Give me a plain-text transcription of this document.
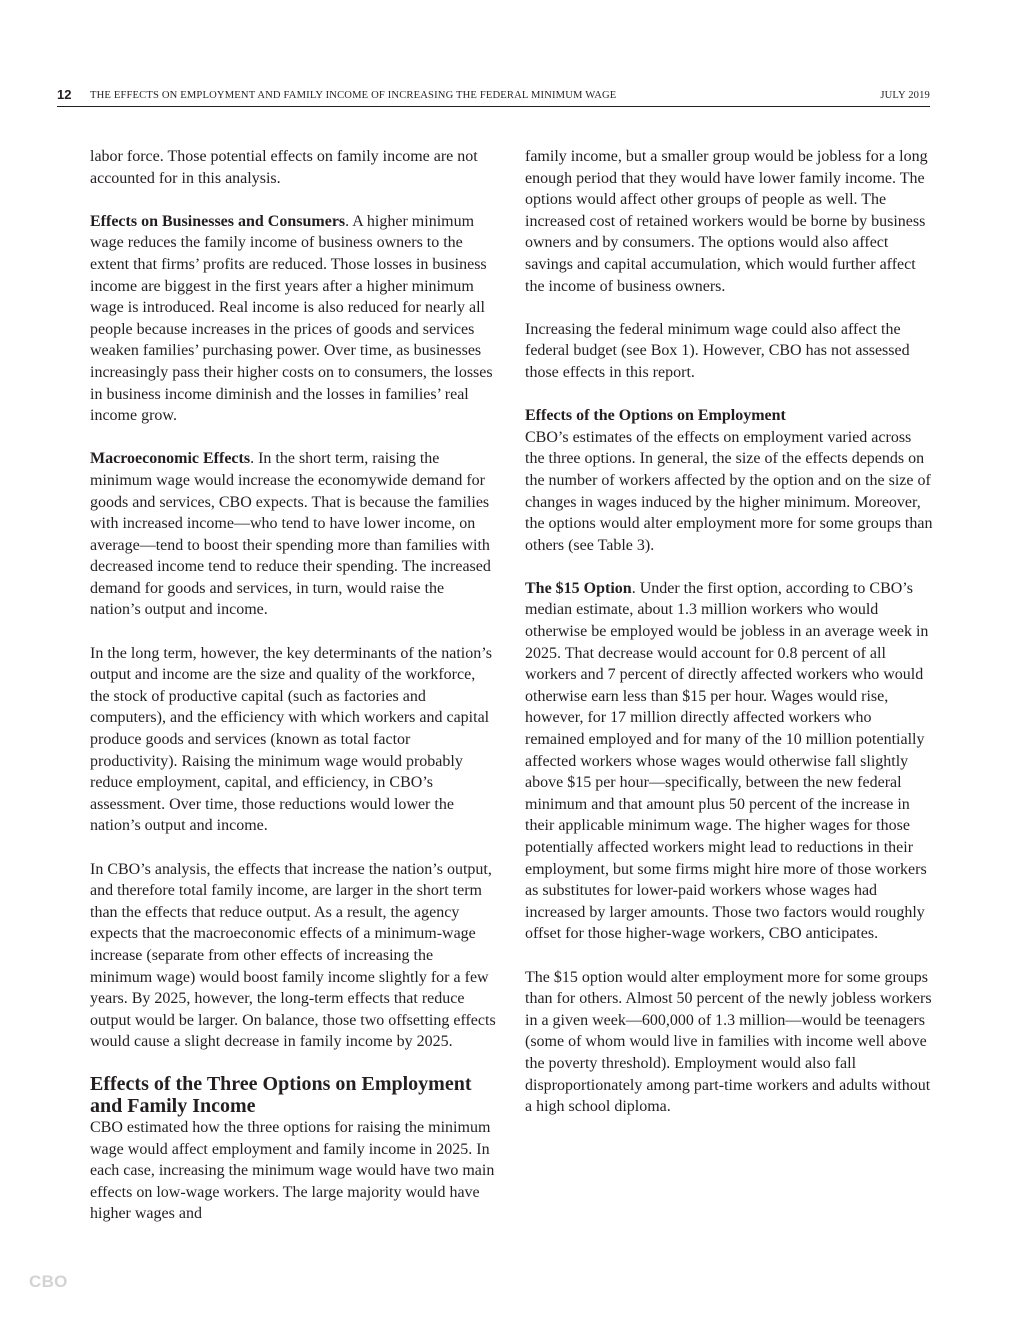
12 THE EFFECTS ON EMPLOYMENT AND FAMILY INCOME OF INCREASING THE FEDERAL MINIMUM WAGE	JULY 2019

labor force. Those potential effects on family income are not accounted for in this analysis.

Effects on Businesses and Consumers. A higher minimum wage reduces the family income of business owners to the extent that firms’ profits are reduced. Those losses in business income are biggest in the first years after a higher minimum wage is introduced. Real income is also reduced for nearly all people because increases in the prices of goods and services weaken families’ purchasing power. Over time, as businesses increasingly pass their higher costs on to consumers, the losses in business income diminish and the losses in families’ real income grow.

Macroeconomic Effects. In the short term, raising the minimum wage would increase the economywide demand for goods and services, CBO expects. That is because the families with increased income—who tend to have lower income, on average—tend to boost their spending more than families with decreased income tend to reduce their spending. The increased demand for goods and services, in turn, would raise the nation’s output and income.

In the long term, however, the key determinants of the nation’s output and income are the size and quality of the workforce, the stock of productive capital (such as factories and computers), and the efficiency with which workers and capital produce goods and services (known as total factor productivity). Raising the minimum wage would probably reduce employment, capital, and efficiency, in CBO’s assessment. Over time, those reductions would lower the nation’s output and income.

In CBO’s analysis, the effects that increase the nation’s output, and therefore total family income, are larger in the short term than the effects that reduce output. As a result, the agency expects that the macroeconomic effects of a minimum-wage increase (separate from other effects of increasing the minimum wage) would boost family income slightly for a few years. By 2025, however, the long-term effects that reduce output would be larger. On balance, those two offsetting effects would cause a slight decrease in family income by 2025.

Effects of the Three Options on Employment and Family Income

CBO estimated how the three options for raising the minimum wage would affect employment and family income in 2025. In each case, increasing the minimum wage would have two main effects on low-wage workers. The large majority would have higher wages and

family income, but a smaller group would be jobless for a long enough period that they would have lower family income. The options would affect other groups of people as well. The increased cost of retained workers would be borne by business owners and by consumers. The options would also affect savings and capital accumulation, which would further affect the income of business owners.

Increasing the federal minimum wage could also affect the federal budget (see Box 1). However, CBO has not assessed those effects in this report.

Effects of the Options on Employment

CBO’s estimates of the effects on employment varied across the three options. In general, the size of the effects depends on the number of workers affected by the option and on the size of changes in wages induced by the higher minimum. Moreover, the options would alter employment more for some groups than others (see Table 3).

The $15 Option. Under the first option, according to CBO’s median estimate, about 1.3 million workers who would otherwise be employed would be jobless in an average week in 2025. That decrease would account for 0.8 percent of all workers and 7 percent of directly affected workers who would otherwise earn less than $15 per hour. Wages would rise, however, for 17 million directly affected workers who remained employed and for many of the 10 million potentially affected workers whose wages would otherwise fall slightly above $15 per hour—specifically, between the new federal minimum and that amount plus 50 percent of the increase in their applicable minimum wage. The higher wages for those potentially affected workers might lead to reductions in their employment, but some firms might hire more of those workers as substitutes for lower-paid workers whose wages had increased by larger amounts. Those two factors would roughly offset for those higher-wage workers, CBO anticipates.

The $15 option would alter employment more for some groups than for others. Almost 50 percent of the newly jobless workers in a given week—600,000 of 1.3 million—would be teenagers (some of whom would live in families with income well above the poverty threshold). Employment would also fall disproportionately among part-time workers and adults without a high school diploma.

CBO
